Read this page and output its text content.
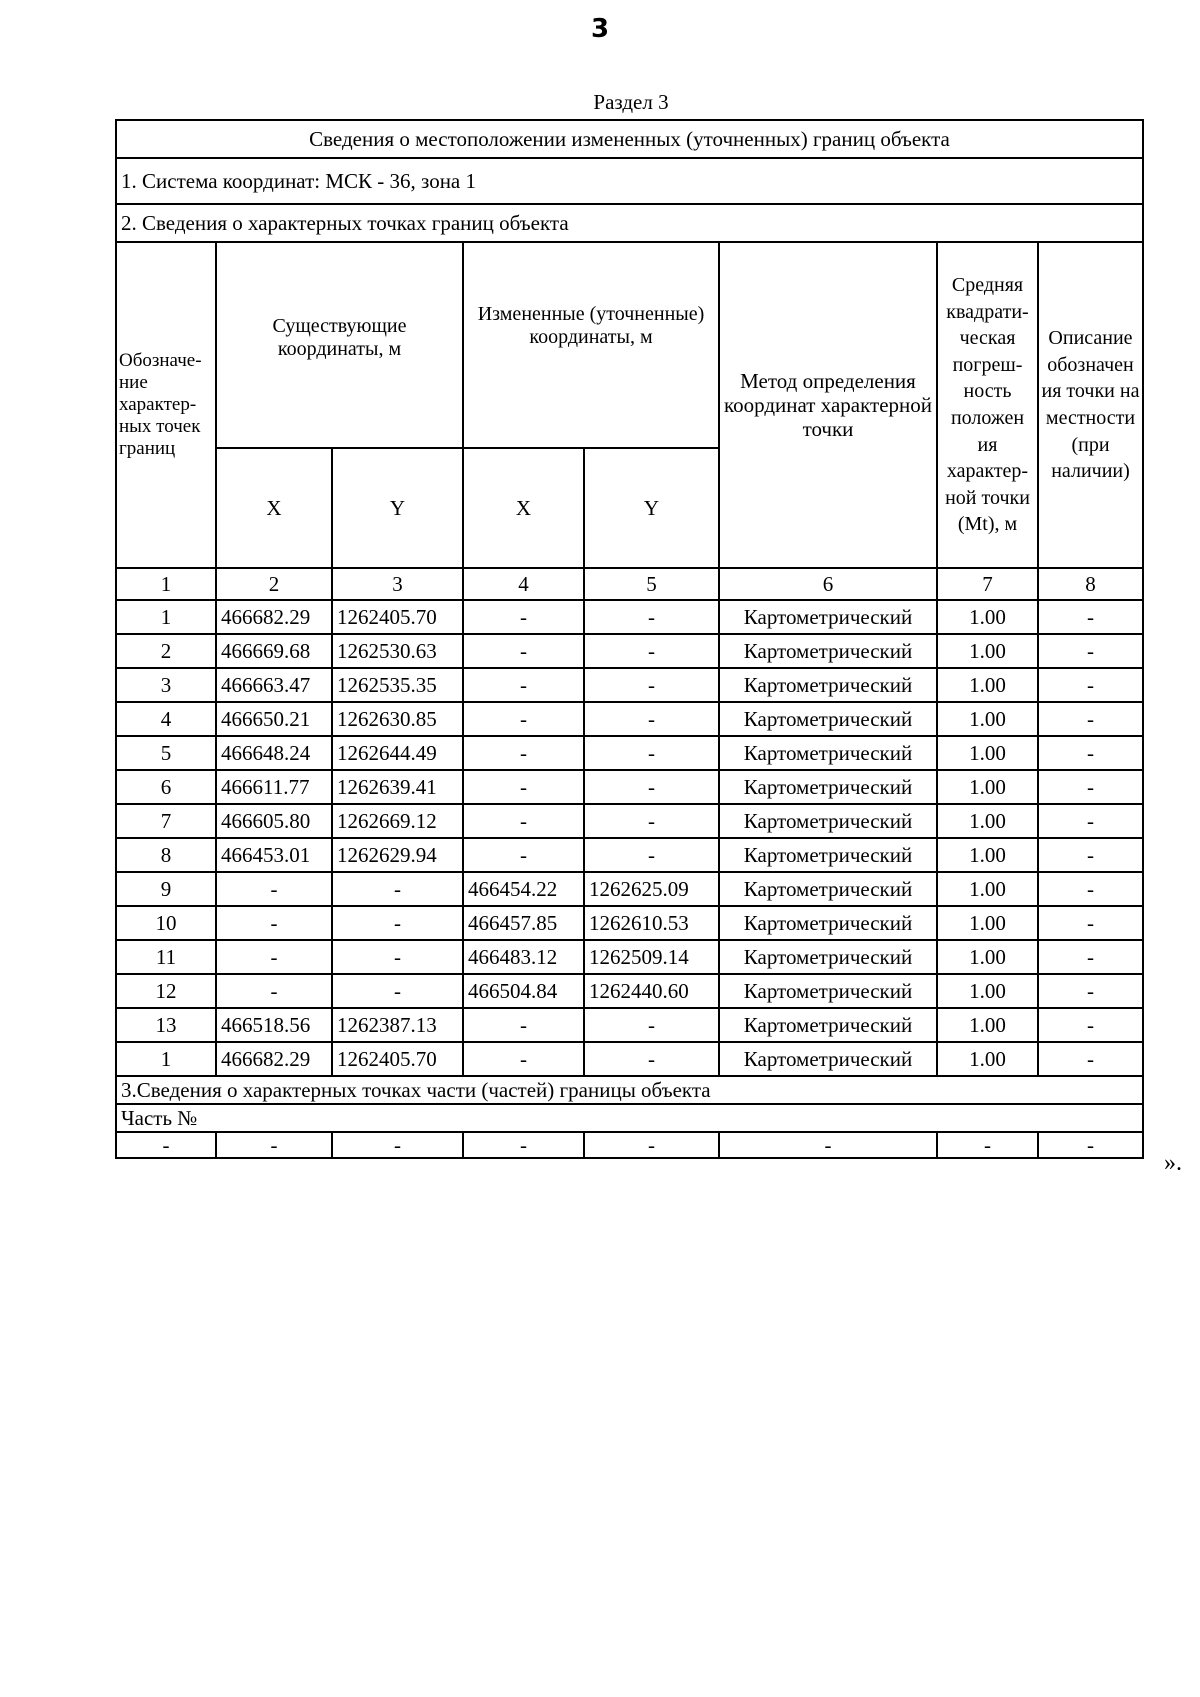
3
Раздел 3
Сведения о местоположении измененных (уточненных) границ объекта							
1. Система координат: МСК - 36, зона 1							
2. Сведения о характерных точках границ объекта							
Обозначе-ние характер-ных точек границ	Существующие координаты, м		Измененные (уточненные) координаты, м		Метод определения координат характерной точки	Средняя квадрати-ческая погреш-ность положен ия характер-ной точки (Mt), м	Описание обозначен ия точки на местности (при наличии)
	X	Y	X	Y			
1	2	3	4	5	6	7	8
1	466682.29	1262405.70	-	-	Картометрический	1.00	-
2	466669.68	1262530.63	-	-	Картометрический	1.00	-
3	466663.47	1262535.35	-	-	Картометрический	1.00	-
4	466650.21	1262630.85	-	-	Картометрический	1.00	-
5	466648.24	1262644.49	-	-	Картометрический	1.00	-
6	466611.77	1262639.41	-	-	Картометрический	1.00	-
7	466605.80	1262669.12	-	-	Картометрический	1.00	-
8	466453.01	1262629.94	-	-	Картометрический	1.00	-
9	-	-	466454.22	1262625.09	Картометрический	1.00	-
10	-	-	466457.85	1262610.53	Картометрический	1.00	-
11	-	-	466483.12	1262509.14	Картометрический	1.00	-
12	-	-	466504.84	1262440.60	Картометрический	1.00	-
13	466518.56	1262387.13	-	-	Картометрический	1.00	-
1	466682.29	1262405.70	-	-	Картометрический	1.00	-
3.Сведения о характерных точках части (частей) границы объекта							
Часть №							
-	-	-	-	-	-	-	-
».
